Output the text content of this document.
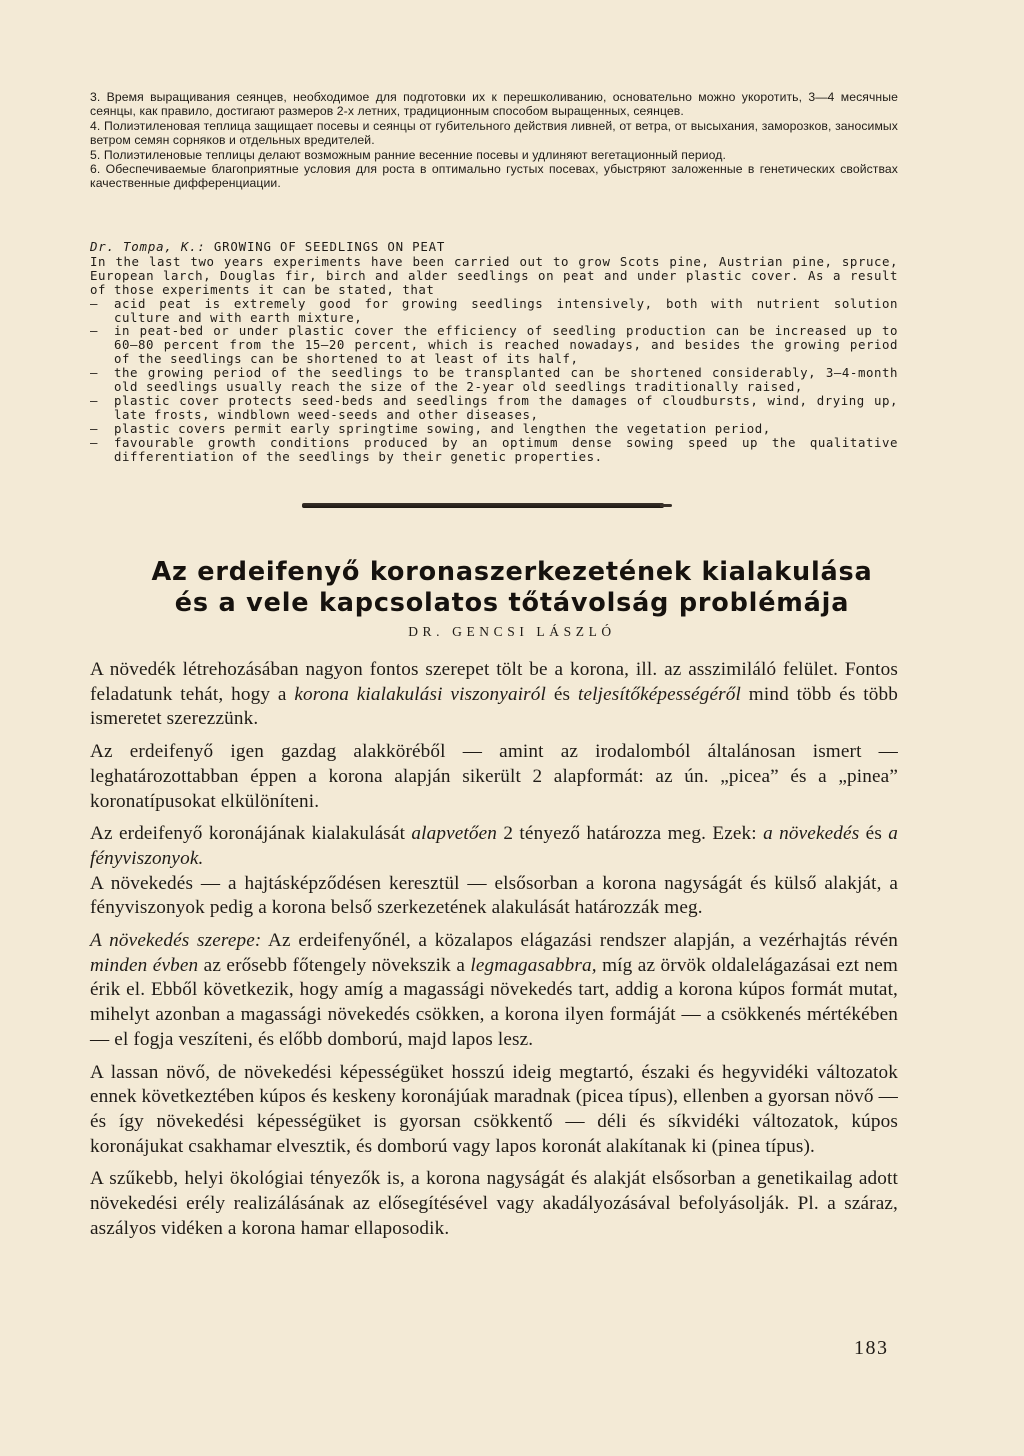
3. Время выращивания сеянцев, необходимое для подготовки их к перешколиванию, основательно можно укоротить, 3—4 месячные сеянцы, как правило, достигают размеров 2-х летних, традиционным способом выращенных, сеянцев.

4. Полиэтиленовая теплица защищает посевы и сеянцы от губительного действия ливней, от ветра, от высыхания, заморозков, заносимых ветром семян сорняков и отдельных вредителей.

5. Полиэтиленовые теплицы делают возможным ранние весенние посевы и удлиняют вегетационный период.

6. Обеспечиваемые благоприятные условия для роста в оптимально густых посевах, убыстряют заложенные в генетических свойствах качественные дифференциации.

Dr. Tompa, K.: GROWING OF SEEDLINGS ON PEAT

In the last two years experiments have been carried out to grow Scots pine, Austrian pine, spruce, European larch, Douglas fir, birch and alder seedlings on peat and under plastic cover. As a result of those experiments it can be stated, that

— acid peat is extremely good for growing seedlings intensively, both with nutrient solution culture and with earth mixture,

— in peat-bed or under plastic cover the efficiency of seedling production can be increased up to 60—80 percent from the 15—20 percent, which is reached nowadays, and besides the growing period of the seedlings can be shortened to at least of its half,

— the growing period of the seedlings to be transplanted can be shortened considerably, 3—4-month old seedlings usually reach the size of the 2-year old seedlings traditionally raised,

— plastic cover protects seed-beds and seedlings from the damages of cloudbursts, wind, drying up, late frosts, windblown weed-seeds and other diseases,

— plastic covers permit early springtime sowing, and lengthen the vegetation period,

— favourable growth conditions produced by an optimum dense sowing speed up the qualitative differentiation of the seedlings by their genetic properties.

Az erdeifenyő koronaszerkezetének kialakulása
és a vele kapcsolatos tőtávolság problémája
DR. GENCSI LÁSZLÓ

A növedék létrehozásában nagyon fontos szerepet tölt be a korona, ill. az asszimiláló felület. Fontos feladatunk tehát, hogy a korona kialakulási viszonyairól és teljesítőképességéről mind több és több ismeretet szerezzünk.

Az erdeifenyő igen gazdag alakköréből — amint az irodalomból általánosan ismert — leghatározottabban éppen a korona alapján sikerült 2 alapformát: az ún. „picea” és a „pinea” koronatípusokat elkülöníteni.

Az erdeifenyő koronájának kialakulását alapvetően 2 tényező határozza meg. Ezek: a növekedés és a fényviszonyok.

A növekedés — a hajtásképződésen keresztül — elsősorban a korona nagyságát és külső alakját, a fényviszonyok pedig a korona belső szerkezetének alakulását határozzák meg.

A növekedés szerepe: Az erdeifenyőnél, a közalapos elágazási rendszer alapján, a vezérhajtás révén minden évben az erősebb főtengely növekszik a legmagasabbra, míg az örvök oldalelágazásai ezt nem érik el. Ebből következik, hogy amíg a magassági növekedés tart, addig a korona kúpos formát mutat, mihelyt azonban a magassági növekedés csökken, a korona ilyen formáját — a csökkenés mértékében — el fogja veszíteni, és előbb domború, majd lapos lesz.

A lassan növő, de növekedési képességüket hosszú ideig megtartó, északi és hegyvidéki változatok ennek következtében kúpos és keskeny koronájúak maradnak (picea típus), ellenben a gyorsan növő — és így növekedési képességüket is gyorsan csökkentő — déli és síkvidéki változatok, kúpos koronájukat csakhamar elvesztik, és domború vagy lapos koronát alakítanak ki (pinea típus).

A szűkebb, helyi ökológiai tényezők is, a korona nagyságát és alakját elsősorban a genetikailag adott növekedési erély realizálásának az elősegítésével vagy akadályozásával befolyásolják. Pl. a száraz, aszályos vidéken a korona hamar ellaposodik.

183
